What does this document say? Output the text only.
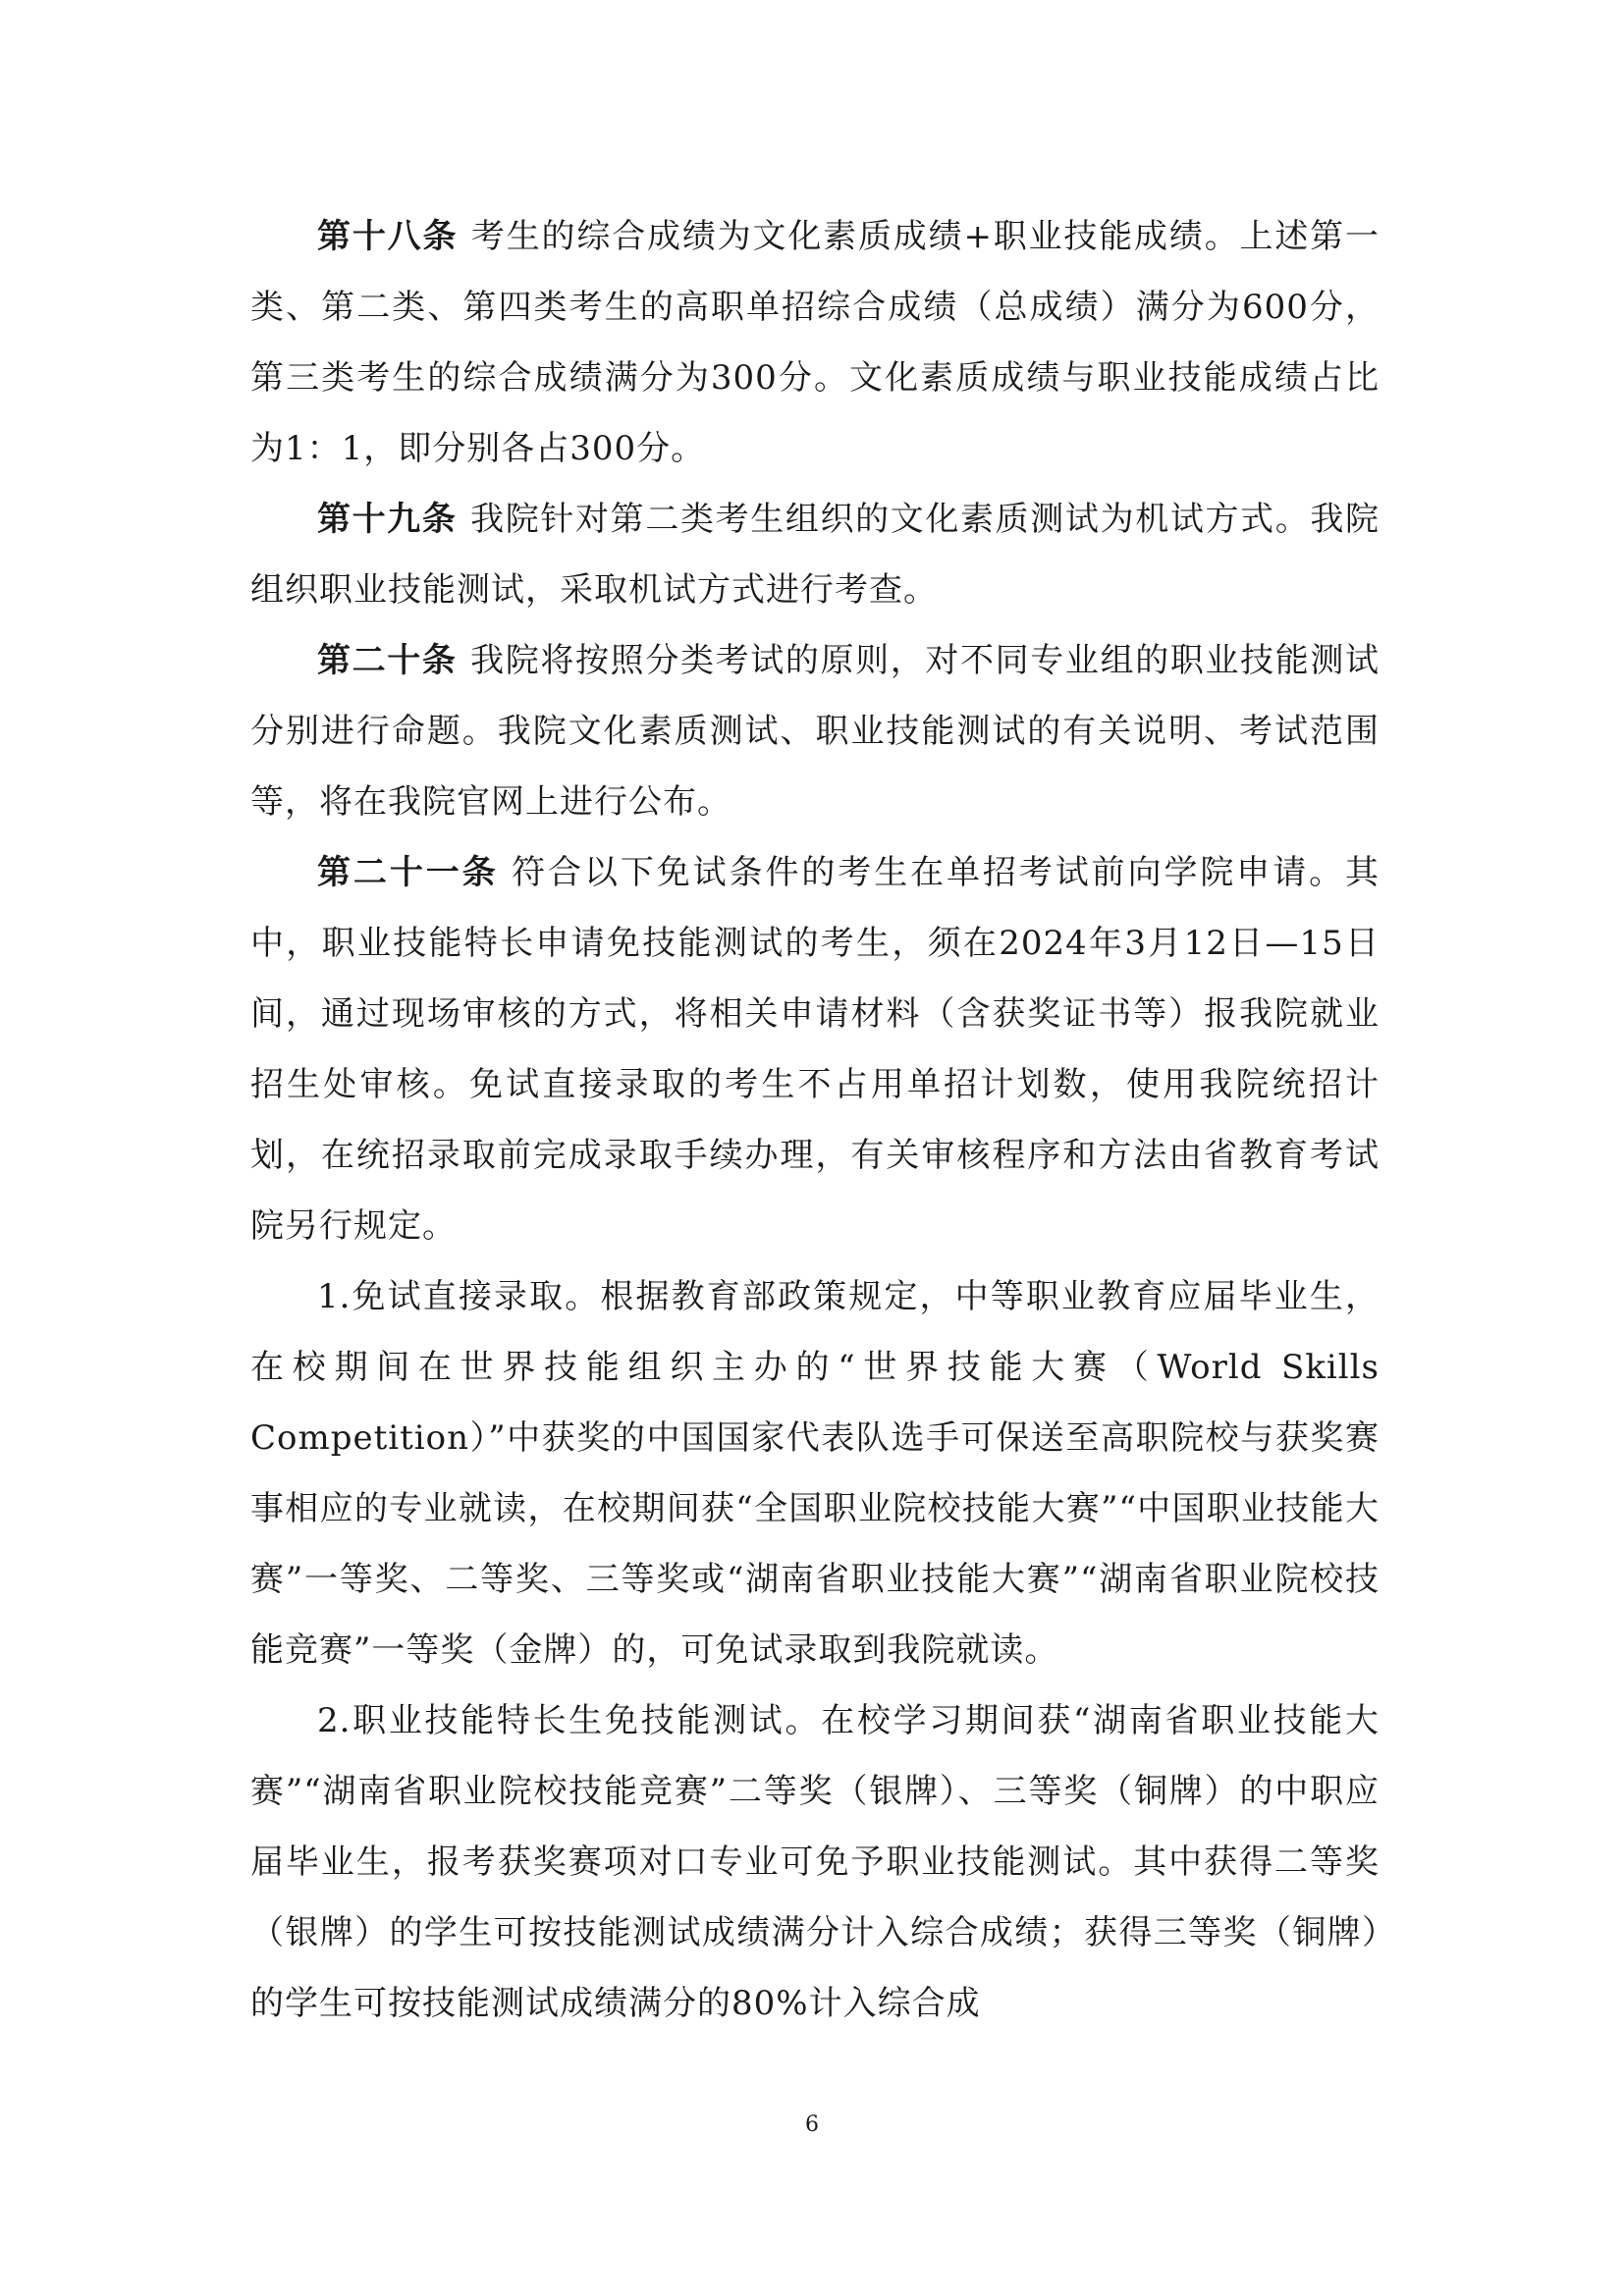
第十八条 考生的综合成绩为文化素质成绩+职业技能成绩。上述第一类、第二类、第四类考生的高职单招综合成绩（总成绩）满分为600分，第三类考生的综合成绩满分为300分。文化素质成绩与职业技能成绩占比为1：1，即分别各占300分。

第十九条 我院针对第二类考生组织的文化素质测试为机试方式。我院组织职业技能测试，采取机试方式进行考查。

第二十条 我院将按照分类考试的原则，对不同专业组的职业技能测试分别进行命题。我院文化素质测试、职业技能测试的有关说明、考试范围等，将在我院官网上进行公布。

第二十一条 符合以下免试条件的考生在单招考试前向学院申请。其中，职业技能特长申请免技能测试的考生，须在2024年3月12日—15日间，通过现场审核的方式，将相关申请材料（含获奖证书等）报我院就业招生处审核。免试直接录取的考生不占用单招计划数，使用我院统招计划，在统招录取前完成录取手续办理，有关审核程序和方法由省教育考试院另行规定。

1.免试直接录取。根据教育部政策规定，中等职业教育应届毕业生，在校期间在世界技能组织主办的“世界技能大赛（World Skills Competition）”中获奖的中国国家代表队选手可保送至高职院校与获奖赛事相应的专业就读，在校期间获“全国职业院校技能大赛”“中国职业技能大赛”一等奖、二等奖、三等奖或“湖南省职业技能大赛”“湖南省职业院校技能竞赛”一等奖（金牌）的，可免试录取到我院就读。

2.职业技能特长生免技能测试。在校学习期间获“湖南省职业技能大赛”“湖南省职业院校技能竞赛”二等奖（银牌）、三等奖（铜牌）的中职应届毕业生，报考获奖赛项对口专业可免予职业技能测试。其中获得二等奖（银牌）的学生可按技能测试成绩满分计入综合成绩；获得三等奖（铜牌）的学生可按技能测试成绩满分的80%计入综合成

6
